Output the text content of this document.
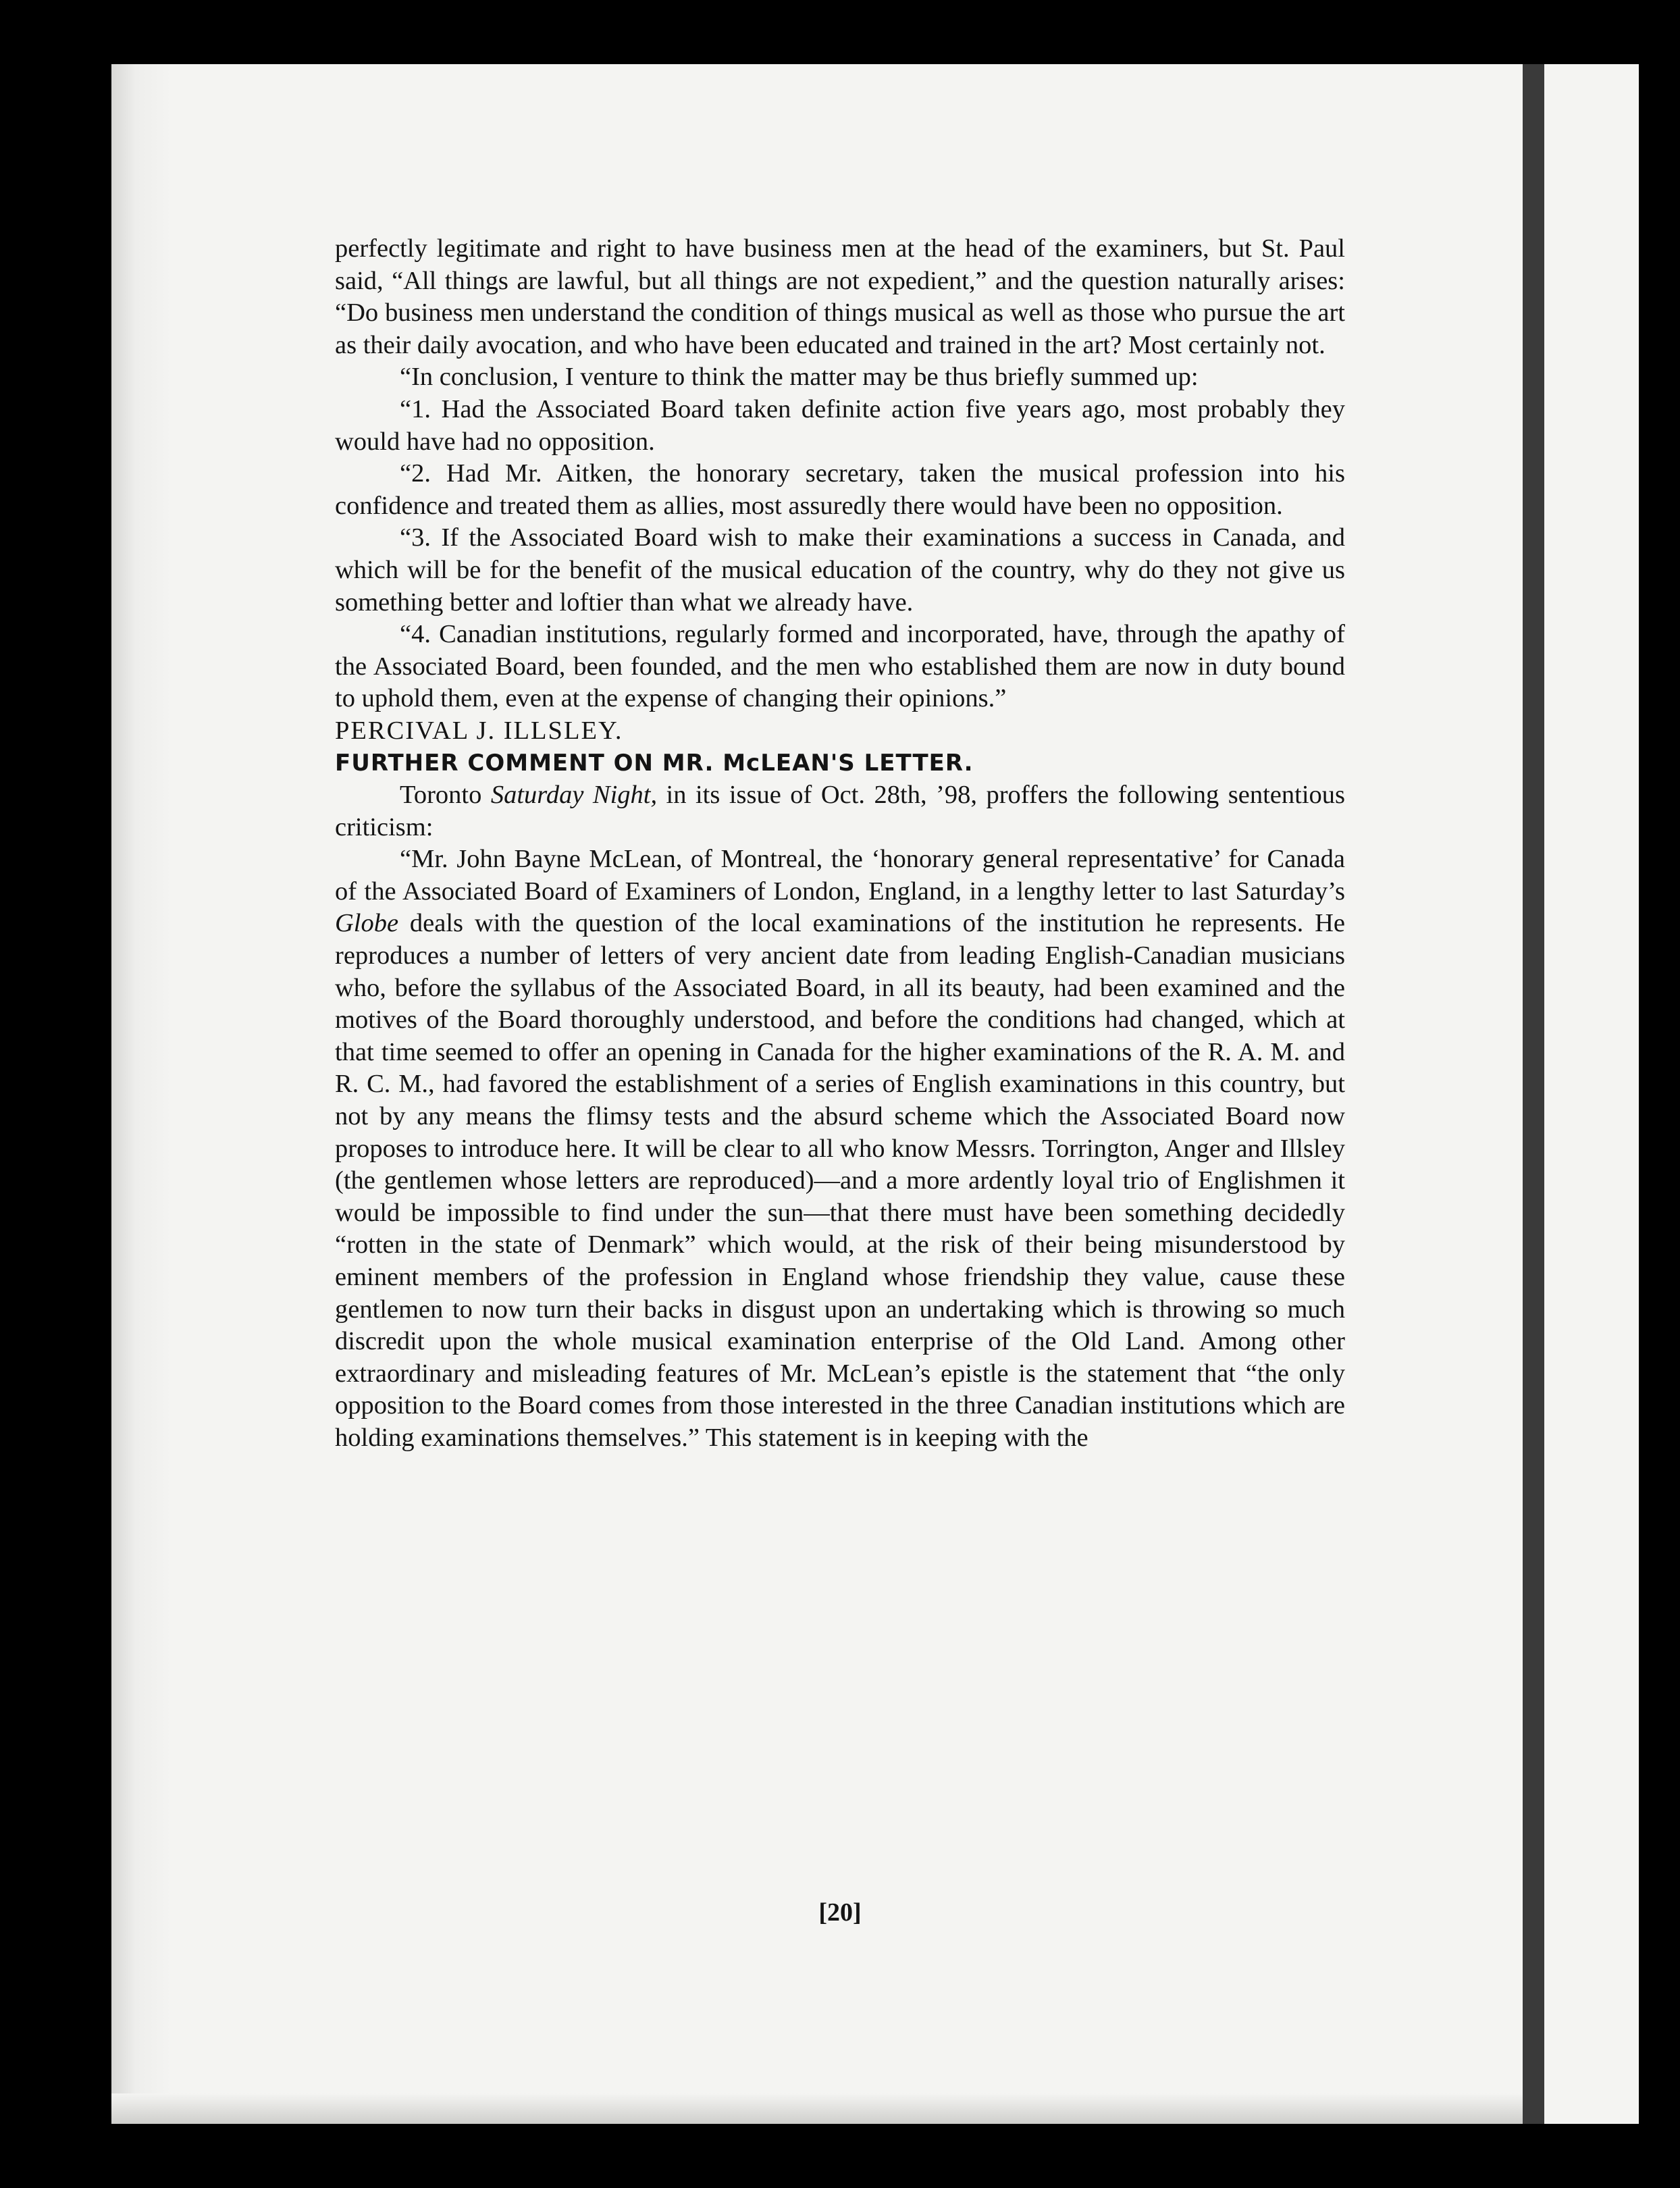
perfectly legitimate and right to have business men at the head of the examiners, but St. Paul said, “All things are lawful, but all things are not expedient,” and the question naturally arises: “Do business men understand the condition of things musical as well as those who pursue the art as their daily avocation, and who have been educated and trained in the art? Most certainly not.

“In conclusion, I venture to think the matter may be thus briefly summed up:

“1. Had the Associated Board taken definite action five years ago, most probably they would have had no opposition.

“2. Had Mr. Aitken, the honorary secretary, taken the musical profession into his confidence and treated them as allies, most assuredly there would have been no opposition.

“3. If the Associated Board wish to make their examinations a success in Canada, and which will be for the benefit of the musical education of the country, why do they not give us something better and loftier than what we already have.

“4. Canadian institutions, regularly formed and incorporated, have, through the apathy of the Associated Board, been founded, and the men who established them are now in duty bound to uphold them, even at the expense of changing their opinions.”

PERCIVAL J. ILLSLEY.

FURTHER COMMENT ON MR. McLEAN'S LETTER.

Toronto Saturday Night, in its issue of Oct. 28th, ’98, proffers the following sententious criticism:

“Mr. John Bayne McLean, of Montreal, the ‘honorary general representative’ for Canada of the Associated Board of Examiners of London, England, in a lengthy letter to last Saturday’s Globe deals with the question of the local examinations of the institution he represents. He reproduces a number of letters of very ancient date from leading English-Canadian musicians who, before the syllabus of the Associated Board, in all its beauty, had been examined and the motives of the Board thoroughly understood, and before the conditions had changed, which at that time seemed to offer an opening in Canada for the higher examinations of the R. A. M. and R. C. M., had favored the establishment of a series of English examinations in this country, but not by any means the flimsy tests and the absurd scheme which the Associated Board now proposes to introduce here. It will be clear to all who know Messrs. Torrington, Anger and Illsley (the gentlemen whose letters are reproduced)—and a more ardently loyal trio of Englishmen it would be impossible to find under the sun—that there must have been something decidedly “rotten in the state of Denmark” which would, at the risk of their being misunderstood by eminent members of the profession in England whose friendship they value, cause these gentlemen to now turn their backs in disgust upon an undertaking which is throwing so much discredit upon the whole musical examination enterprise of the Old Land. Among other extraordinary and misleading features of Mr. McLean’s epistle is the statement that “the only opposition to the Board comes from those interested in the three Canadian institutions which are holding examinations themselves.” This statement is in keeping with the

[20]
